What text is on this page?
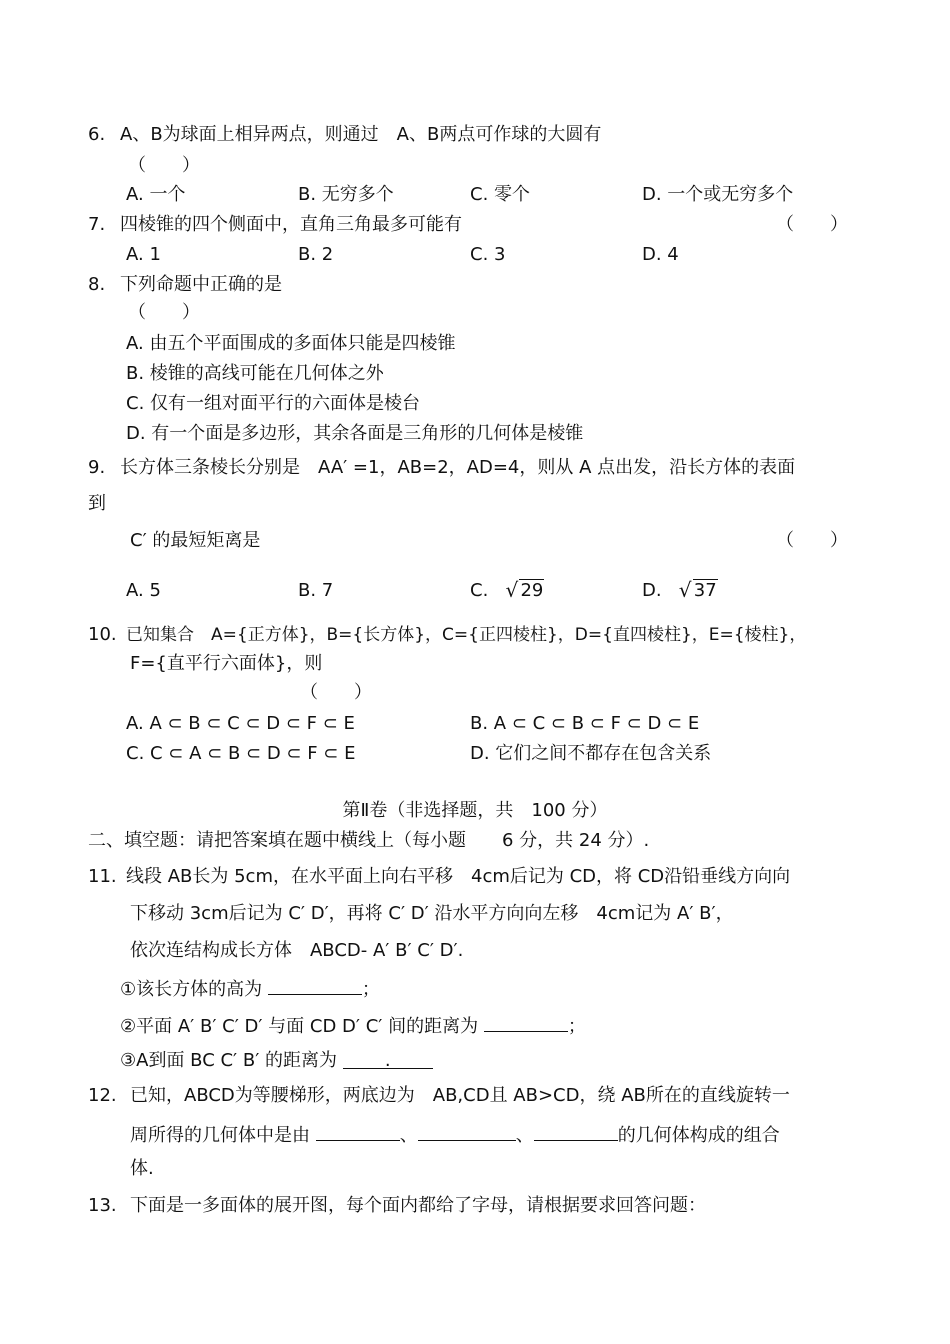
6. A、B为球面上相异两点，则通过　A、B两点可作球的大圆有
（　　）
A. 一个	B. 无穷多个	C. 零个	D. 一个或无穷多个
7. 四棱锥的四个侧面中，直角三角最多可能有	（　　）
A. 1	B. 2	C. 3	D. 4
8. 下列命题中正确的是
（　　）
A. 由五个平面围成的多面体只能是四棱锥
B. 棱锥的高线可能在几何体之外
C. 仅有一组对面平行的六面体是棱台
D. 有一个面是多边形，其余各面是三角形的几何体是棱锥
9. 长方体三条棱长分别是　AA′ =1，AB=2，AD=4，则从 A 点出发，沿长方体的表面
到
C′ 的最短矩离是	（　　）
A. 5	B. 7	C. √ 29	D. √ 37
10. 已知集合　A={正方体}，B={长方体}，C={正四棱柱}，D={直四棱柱}，E={棱柱}，
F={直平行六面体}，则
（　　）
A. A ⊂ B ⊂ C ⊂ D ⊂ F ⊂ E	B. A ⊂ C ⊂ B ⊂ F ⊂ D ⊂ E
C. C ⊂ A ⊂ B ⊂ D ⊂ F ⊂ E	D. 它们之间不都存在包含关系
第Ⅱ卷（非选择题，共　100 分）
二、填空题：请把答案填在题中横线上（每小题　　6 分，共 24 分）.
11. 线段 AB长为 5cm，在水平面上向右平移　4cm后记为 CD，将 CD沿铅垂线方向向
下移动 3cm后记为 C′ D′，再将 C′ D′ 沿水平方向向左移　4cm记为 A′ B′，
依次连结构成长方体　ABCD- A′ B′ C′ D′.
①该长方体的高为	；
②平面 A′ B′ C′ D′ 与面 CD D′ C′ 间的距离为	；
③A到面 BC C′ B′ 的距离为	.
12. 已知，ABCD为等腰梯形，两底边为　AB,CD且 AB>CD，绕 AB所在的直线旋转一
周所得的几何体中是由	、	、	的几何体构成的组合
体.
13. 下面是一多面体的展开图，每个面内都给了字母，请根据要求回答问题：
